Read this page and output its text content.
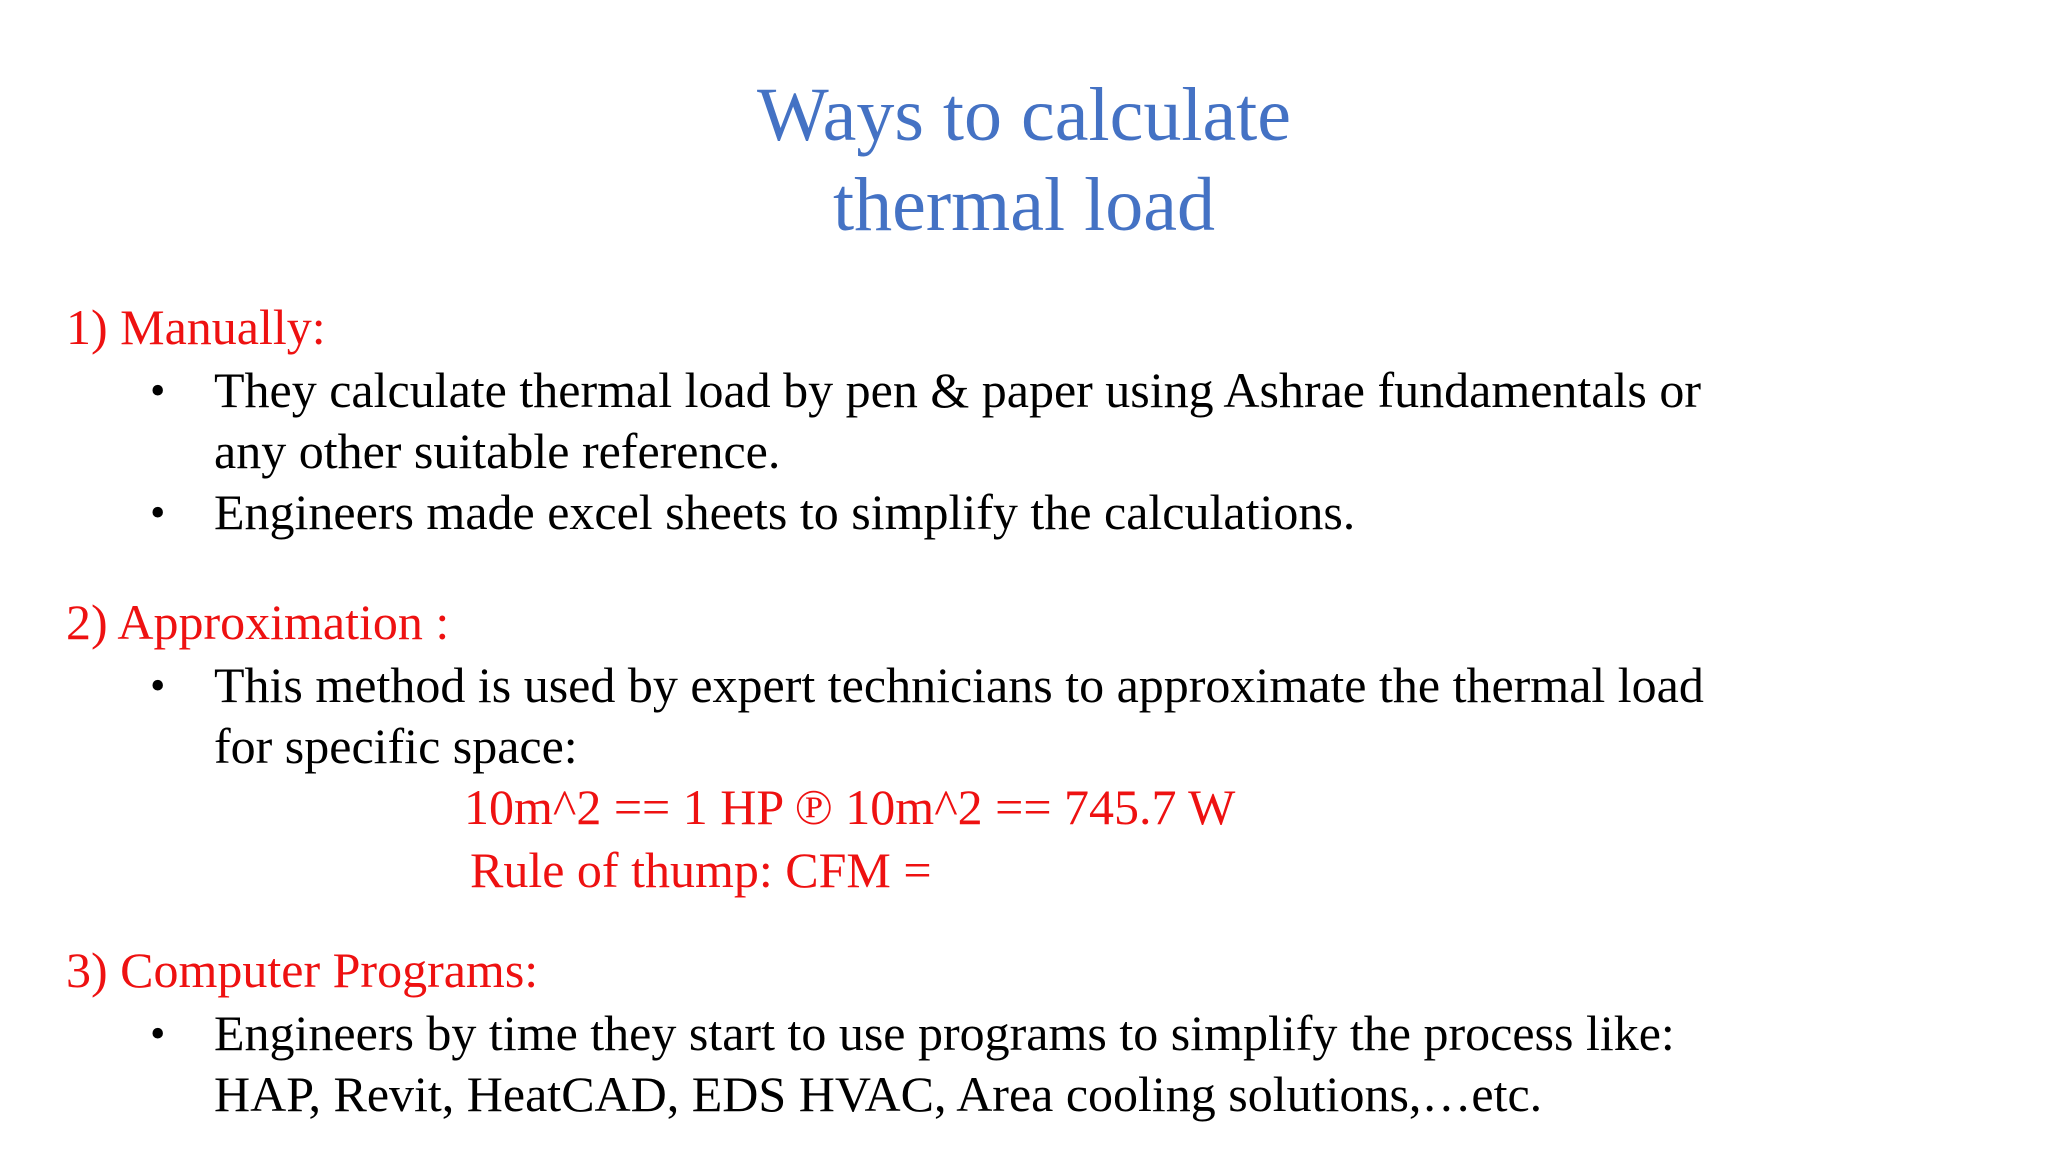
Ways to calculate
thermal load
1) Manually:
• They calculate thermal load by pen & paper using Ashrae fundamentals or
any other suitable reference.
• Engineers made excel sheets to simplify the calculations.
2) Approximation :
• This method is used by expert technicians to approximate the thermal load
for specific space:
10m^2 == 1 HP ℗ 10m^2 == 745.7 W
Rule of thump: CFM =
3) Computer Programs:
• Engineers by time they start to use programs to simplify the process like:
HAP, Revit, HeatCAD, EDS HVAC, Area cooling solutions,…etc.
